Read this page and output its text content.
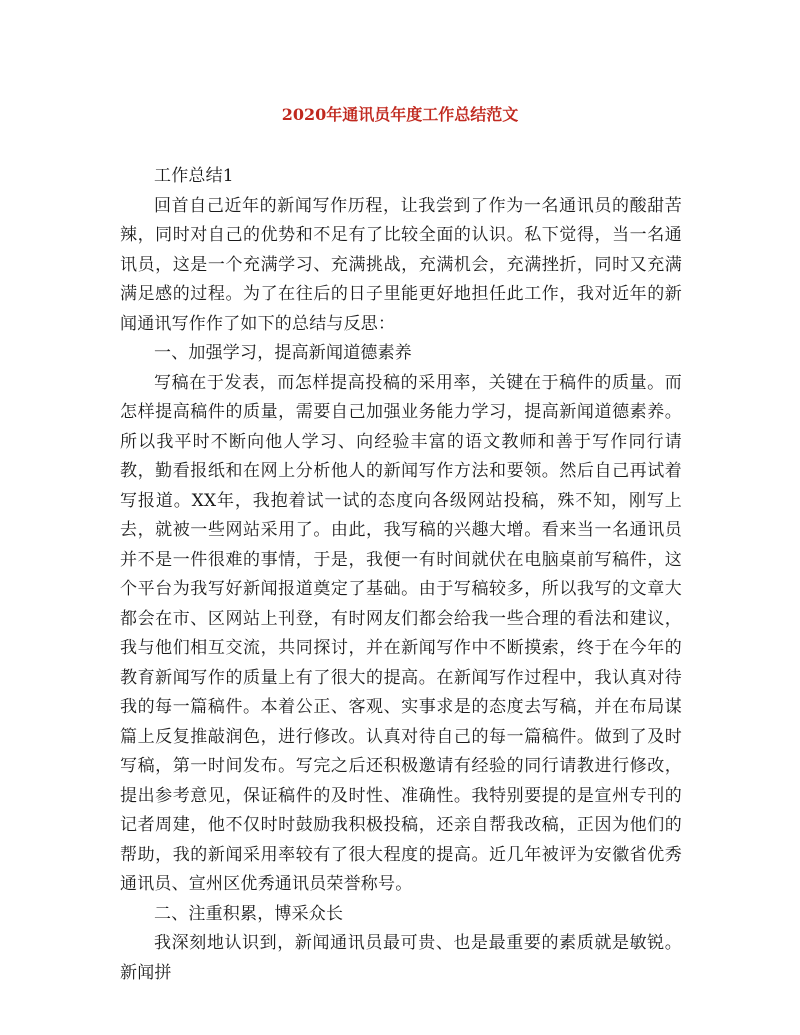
2020年通讯员年度工作总结范文

工作总结1

回首自己近年的新闻写作历程，让我尝到了作为一名通讯员的酸甜苦辣，同时对自己的优势和不足有了比较全面的认识。私下觉得，当一名通讯员，这是一个充满学习、充满挑战，充满机会，充满挫折，同时又充满满足感的过程。为了在往后的日子里能更好地担任此工作，我对近年的新闻通讯写作作了如下的总结与反思：

一、加强学习，提高新闻道德素养

写稿在于发表，而怎样提高投稿的采用率，关键在于稿件的质量。而怎样提高稿件的质量，需要自己加强业务能力学习，提高新闻道德素养。所以我平时不断向他人学习、向经验丰富的语文教师和善于写作同行请教，勤看报纸和在网上分析他人的新闻写作方法和要领。然后自己再试着写报道。XX年，我抱着试一试的态度向各级网站投稿，殊不知，刚写上去，就被一些网站采用了。由此，我写稿的兴趣大增。看来当一名通讯员并不是一件很难的事情，于是，我便一有时间就伏在电脑桌前写稿件，这个平台为我写好新闻报道奠定了基础。由于写稿较多，所以我写的文章大都会在市、区网站上刊登，有时网友们都会给我一些合理的看法和建议，我与他们相互交流，共同探讨，并在新闻写作中不断摸索，终于在今年的教育新闻写作的质量上有了很大的提高。在新闻写作过程中，我认真对待我的每一篇稿件。本着公正、客观、实事求是的态度去写稿，并在布局谋篇上反复推敲润色，进行修改。认真对待自己的每一篇稿件。做到了及时写稿，第一时间发布。写完之后还积极邀请有经验的同行请教进行修改，提出参考意见，保证稿件的及时性、准确性。我特别要提的是宣州专刊的记者周建，他不仅时时鼓励我积极投稿，还亲自帮我改稿，正因为他们的帮助，我的新闻采用率较有了很大程度的提高。近几年被评为安徽省优秀通讯员、宣州区优秀通讯员荣誉称号。

二、注重积累，博采众长

我深刻地认识到，新闻通讯员最可贵、也是最重要的素质就是敏锐。新闻拼
